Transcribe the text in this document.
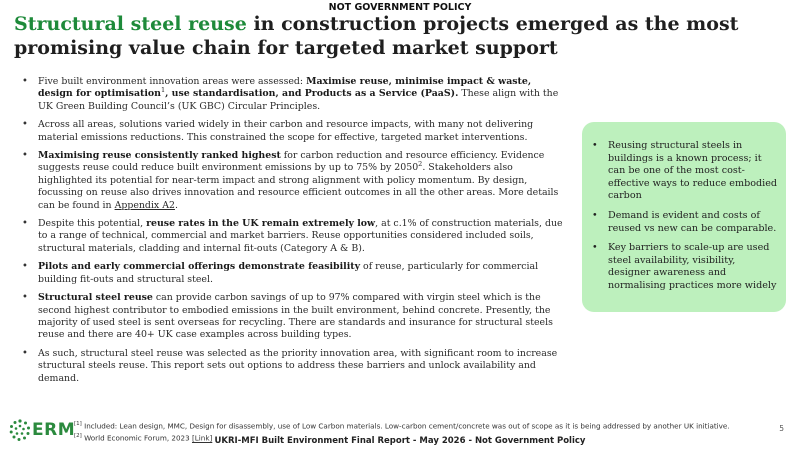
NOT GOVERNMENT POLICY
Structural steel reuse in construction projects emerged as the most promising value chain for targeted market support
• Five built environment innovation areas were assessed: Maximise reuse, minimise impact & waste, design for optimisation$^1$, use standardisation, and Products as a Service (PaaS). These align with the UK Green Building Council’s (UK GBC) Circular Principles.
• Across all areas, solutions varied widely in their carbon and resource impacts, with many not delivering material emissions reductions. This constrained the scope for effective, targeted market interventions.
• Maximising reuse consistently ranked highest for carbon reduction and resource efficiency. Evidence suggests reuse could reduce built environment emissions by up to 75% by 2050$^2$. Stakeholders also highlighted its potential for near-term impact and strong alignment with policy momentum. By design, focussing on reuse also drives innovation and resource efficient outcomes in all the other areas. More details can be found in Appendix A2.
• Despite this potential, reuse rates in the UK remain extremely low, at c.1% of construction materials, due to a range of technical, commercial and market barriers. Reuse opportunities considered included soils, structural materials, cladding and internal fit-outs (Category A & B).
• Pilots and early commercial offerings demonstrate feasibility of reuse, particularly for commercial building fit-outs and structural steel.
• Structural steel reuse can provide carbon savings of up to 97% compared with virgin steel which is the second highest contributor to embodied emissions in the built environment, behind concrete. Presently, the majority of used steel is sent overseas for recycling. There are standards and insurance for structural steels reuse and there are 40+ UK case examples across building types.
• As such, structural steel reuse was selected as the priority innovation area, with significant room to increase structural steels reuse. This report sets out options to address these barriers and unlock availability and demand.
• Reusing structural steels in buildings is a known process; it can be one of the most cost-effective ways to reduce embodied carbon
• Demand is evident and costs of reused vs new can be comparable.
• Key barriers to scale-up are used steel availability, visibility, designer awareness and normalising practices more widely
ERM
[1] Included: Lean design, MMC, Design for disassembly, use of Low Carbon materials. Low-carbon cement/concrete was out of scope as it is being addressed by another UK initiative.
[2] World Economic Forum, 2023 [Link]
5
UKRI-MFI Built Environment Final Report - May 2026 - Not Government Policy
